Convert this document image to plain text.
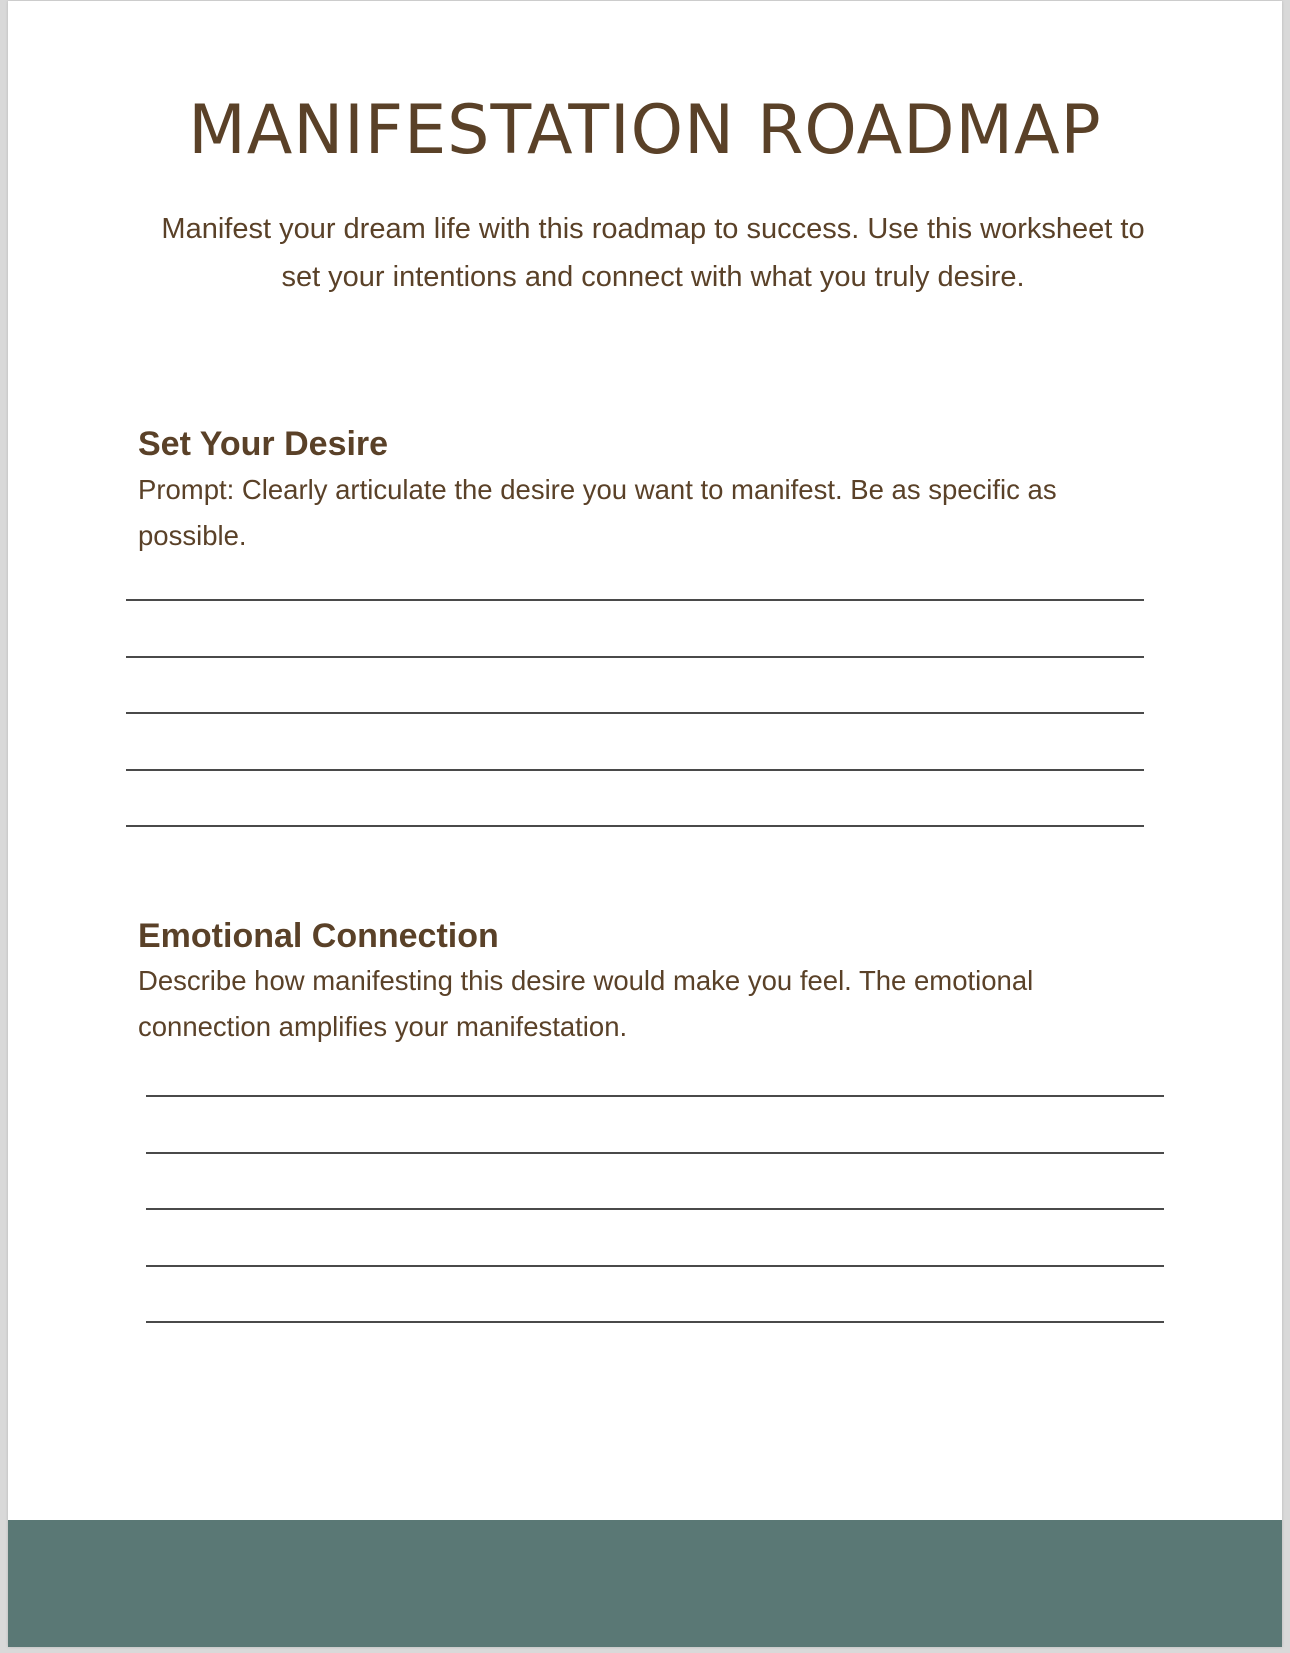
MANIFESTATION ROADMAP

Manifest your dream life with this roadmap to success. Use this worksheet to set your intentions and connect with what you truly desire.

Set Your Desire

Prompt: Clearly articulate the desire you want to manifest. Be as specific as possible.

Emotional Connection

Describe how manifesting this desire would make you feel. The emotional connection amplifies your manifestation.
